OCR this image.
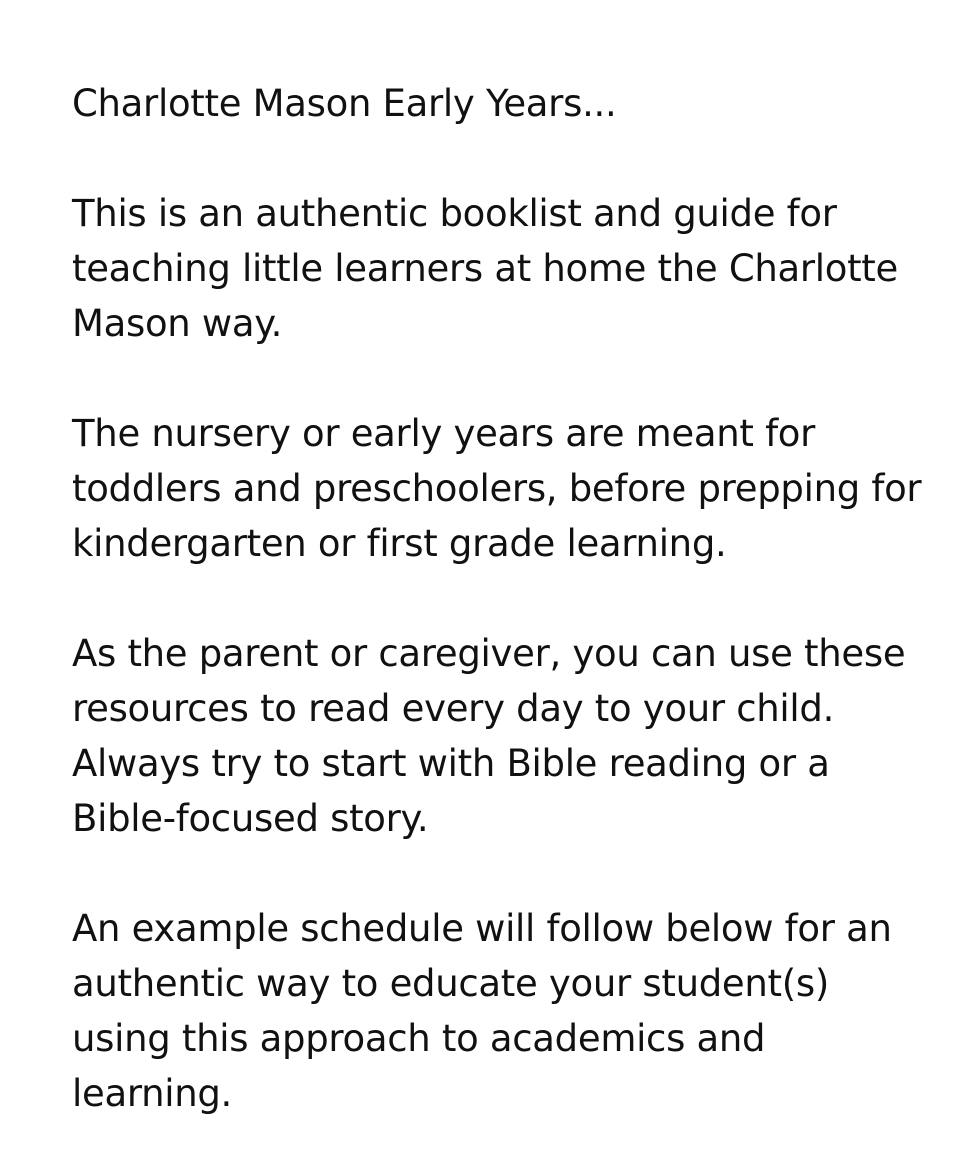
Charlotte Mason Early Years...

This is an authentic booklist and guide for teaching little learners at home the Charlotte Mason way.

The nursery or early years are meant for toddlers and preschoolers, before prepping for kindergarten or first grade learning.

As the parent or caregiver, you can use these resources to read every day to your child. Always try to start with Bible reading or a Bible-focused story.

An example schedule will follow below for an authentic way to educate your student(s) using this approach to academics and learning.
